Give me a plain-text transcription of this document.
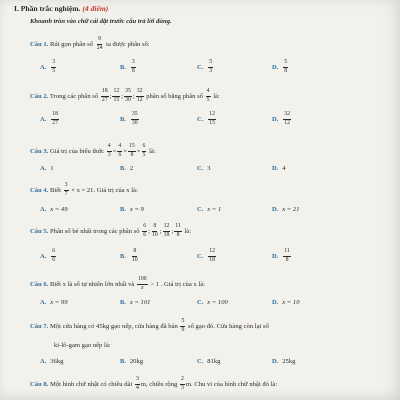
I. Phần trắc nghiệm. (4 điểm)
Khoanh tròn vào chữ cái đặt trước câu trả lời đúng.
Câu 1. Rút gọn phân số $\frac{9}{24}$ ta được phân số:
A. $\frac{3}{5}$	B. $\frac{3}{8}$	C. $\frac{5}{3}$	D. $\frac{5}{8}$
Câu 2. Trong các phân số $\frac{18}{27}$ ; $\frac{12}{15}$ ; $\frac{35}{30}$ ; $\frac{32}{12}$ phân số bằng phân số $\frac{4}{5}$ là:
A. $\frac{18}{27}$	B. $\frac{35}{30}$	C. $\frac{12}{15}$	D. $\frac{32}{12}$
Câu 3. Giá trị của biểu thức $\frac{4}{3} \times \frac{4}{6} \times \frac{15}{8} \times \frac{6}{5}$ là:
A. 1	B. 2	C. 3	D. 4
Câu 4. Biết $\frac{3}{7} \times x = 21$. Giá trị của x là:
A. x = 49	B. x = 9	C. x = 1	D. x = 21
Câu 5. Phân số bé nhất trong các phân số $\frac{6}{6}$ ; $\frac{8}{10}$ ; $\frac{12}{18}$ ; $\frac{11}{8}$ là:
A. $\frac{6}{6}$	B. $\frac{8}{10}$	C. $\frac{12}{18}$	D. $\frac{11}{8}$
Câu 6. Biết x là số tự nhiên lớn nhất và $\frac{100}{x} > 1$ . Giá trị của x là:
A. x = 99	B. x = 101	C. x = 100	D. x = 10
Câu 7. Một cửa hàng có 45kg gạo nếp, cửa hàng đã bán $\frac{5}{9}$ số gạo đó. Cửa hàng còn lại số
ki-lô-gam gạo nếp là:
A. 36kg	B. 20kg	C. 81kg	D. 25kg
Câu 8. Một hình chữ nhật có chiều dài $\frac{3}{4} m$, chiều rộng $\frac{2}{3} m$. Chu vi của hình chữ nhật đó là:
